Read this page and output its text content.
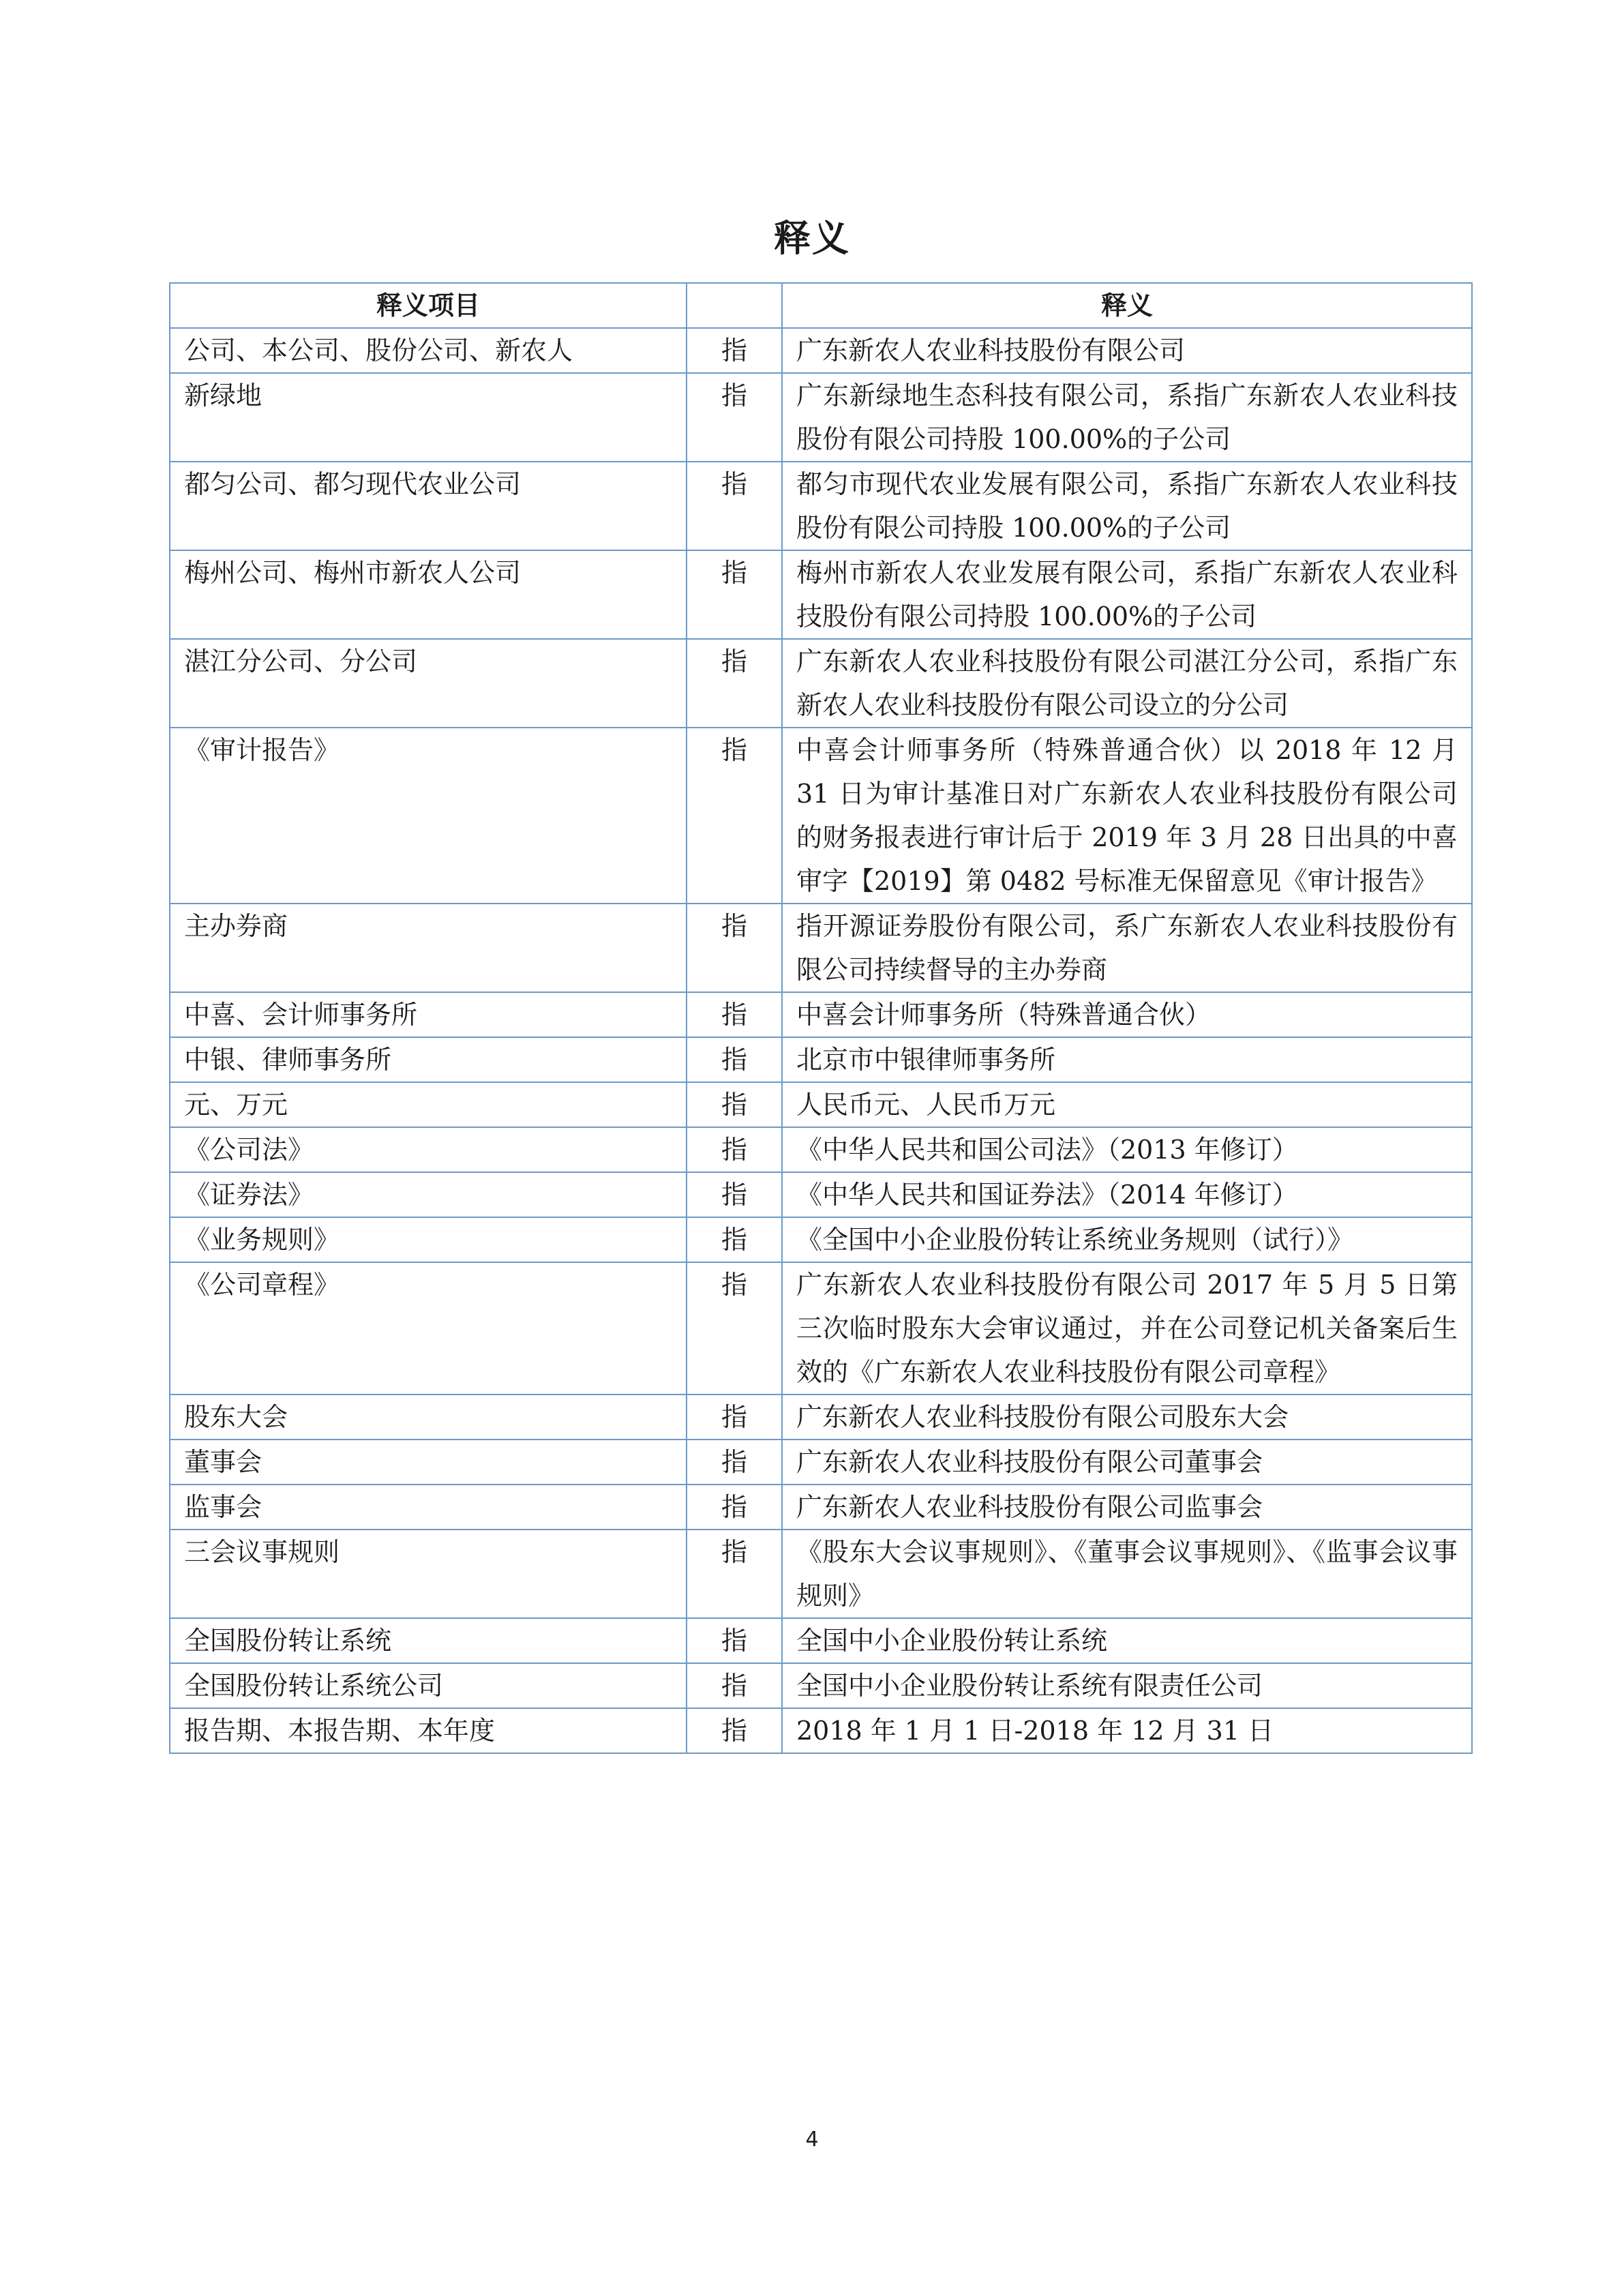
释义
释义项目		释义
公司、本公司、股份公司、新农人	指	广东新农人农业科技股份有限公司
新绿地	指	广东新绿地生态科技有限公司，系指广东新农人农业科技股份有限公司持股 100.00%的子公司
都匀公司、都匀现代农业公司	指	都匀市现代农业发展有限公司，系指广东新农人农业科技股份有限公司持股 100.00%的子公司
梅州公司、梅州市新农人公司	指	梅州市新农人农业发展有限公司，系指广东新农人农业科技股份有限公司持股 100.00%的子公司
湛江分公司、分公司	指	广东新农人农业科技股份有限公司湛江分公司，系指广东新农人农业科技股份有限公司设立的分公司
《审计报告》	指	中喜会计师事务所（特殊普通合伙）以 2018 年 12 月 31 日为审计基准日对广东新农人农业科技股份有限公司的财务报表进行审计后于 2019 年 3 月 28 日出具的中喜审字【2019】第 0482 号标准无保留意见《审计报告》
主办券商	指	指开源证券股份有限公司，系广东新农人农业科技股份有限公司持续督导的主办券商
中喜、会计师事务所	指	中喜会计师事务所（特殊普通合伙）
中银、律师事务所	指	北京市中银律师事务所
元、万元	指	人民币元、人民币万元
《公司法》	指	《中华人民共和国公司法》（2013 年修订）
《证券法》	指	《中华人民共和国证券法》（2014 年修订）
《业务规则》	指	《全国中小企业股份转让系统业务规则（试行）》
《公司章程》	指	广东新农人农业科技股份有限公司 2017 年 5 月 5 日第三次临时股东大会审议通过，并在公司登记机关备案后生效的《广东新农人农业科技股份有限公司章程》
股东大会	指	广东新农人农业科技股份有限公司股东大会
董事会	指	广东新农人农业科技股份有限公司董事会
监事会	指	广东新农人农业科技股份有限公司监事会
三会议事规则	指	《股东大会议事规则》、《董事会议事规则》、《监事会议事规则》
全国股份转让系统	指	全国中小企业股份转让系统
全国股份转让系统公司	指	全国中小企业股份转让系统有限责任公司
报告期、本报告期、本年度	指	2018 年 1 月 1 日-2018 年 12 月 31 日
4
